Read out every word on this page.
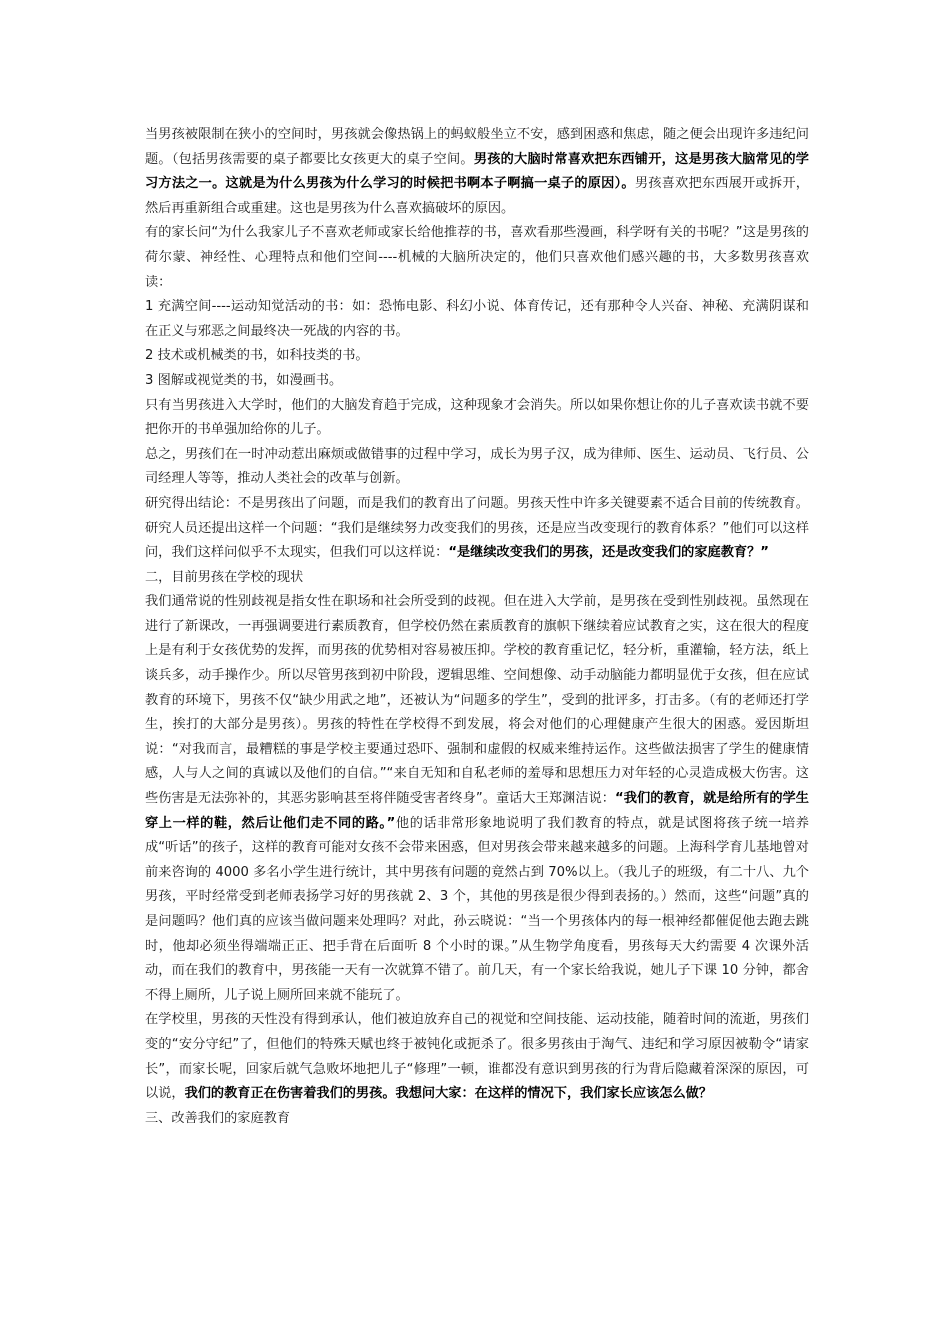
当男孩被限制在狭小的空间时，男孩就会像热锅上的蚂蚁般坐立不安，感到困惑和焦虑，随之便会出现许多违纪问题。（包括男孩需要的桌子都要比女孩更大的桌子空间。男孩的大脑时常喜欢把东西铺开，这是男孩大脑常见的学习方法之一。这就是为什么男孩为什么学习的时候把书啊本子啊搞一桌子的原因）。男孩喜欢把东西展开或拆开，然后再重新组合或重建。这也是男孩为什么喜欢搞破坏的原因。

有的家长问“为什么我家儿子不喜欢老师或家长给他推荐的书，喜欢看那些漫画，科学呀有关的书呢？”这是男孩的荷尔蒙、神经性、心理特点和他们空间----机械的大脑所决定的，他们只喜欢他们感兴趣的书，大多数男孩喜欢读：

1 充满空间----运动知觉活动的书：如：恐怖电影、科幻小说、体育传记，还有那种令人兴奋、神秘、充满阴谋和在正义与邪恶之间最终决一死战的内容的书。

2 技术或机械类的书，如科技类的书。

3 图解或视觉类的书，如漫画书。

只有当男孩进入大学时，他们的大脑发育趋于完成，这种现象才会消失。所以如果你想让你的儿子喜欢读书就不要把你开的书单强加给你的儿子。

总之，男孩们在一时冲动惹出麻烦或做错事的过程中学习，成长为男子汉，成为律师、医生、运动员、飞行员、公司经理人等等，推动人类社会的改革与创新。

研究得出结论：不是男孩出了问题，而是我们的教育出了问题。男孩天性中许多关键要素不适合目前的传统教育。研究人员还提出这样一个问题：“我们是继续努力改变我们的男孩，还是应当改变现行的教育体系？”他们可以这样问，我们这样问似乎不太现实，但我们可以这样说：“是继续改变我们的男孩，还是改变我们的家庭教育？”

二，目前男孩在学校的现状

我们通常说的性别歧视是指女性在职场和社会所受到的歧视。但在进入大学前，是男孩在受到性别歧视。虽然现在进行了新课改，一再强调要进行素质教育，但学校仍然在素质教育的旗帜下继续着应试教育之实，这在很大的程度上是有利于女孩优势的发挥，而男孩的优势相对容易被压抑。学校的教育重记忆，轻分析，重灌输，轻方法，纸上谈兵多，动手操作少。所以尽管男孩到初中阶段，逻辑思维、空间想像、动手动脑能力都明显优于女孩，但在应试教育的环境下，男孩不仅“缺少用武之地”，还被认为“问题多的学生”，受到的批评多，打击多。（有的老师还打学生，挨打的大部分是男孩）。男孩的特性在学校得不到发展，将会对他们的心理健康产生很大的困惑。爱因斯坦说：“对我而言，最糟糕的事是学校主要通过恐吓、强制和虚假的权威来维持运作。这些做法损害了学生的健康情感，人与人之间的真诚以及他们的自信。”“来自无知和自私老师的羞辱和思想压力对年轻的心灵造成极大伤害。这些伤害是无法弥补的，其恶劣影响甚至将伴随受害者终身”。童话大王郑渊洁说：“我们的教育，就是给所有的学生穿上一样的鞋，然后让他们走不同的路。”他的话非常形象地说明了我们教育的特点，就是试图将孩子统一培养成“听话”的孩子，这样的教育可能对女孩不会带来困惑，但对男孩会带来越来越多的问题。上海科学育儿基地曾对前来咨询的 4000 多名小学生进行统计，其中男孩有问题的竟然占到 70%以上。（我儿子的班级，有二十八、九个男孩，平时经常受到老师表扬学习好的男孩就 2、3 个，其他的男孩是很少得到表扬的。）然而，这些“问题”真的是问题吗？他们真的应该当做问题来处理吗？对此，孙云晓说：“当一个男孩体内的每一根神经都催促他去跑去跳时，他却必须坐得端端正正、把手背在后面听 8 个小时的课。”从生物学角度看，男孩每天大约需要 4 次课外活动，而在我们的教育中，男孩能一天有一次就算不错了。前几天，有一个家长给我说，她儿子下课 10 分钟，都舍不得上厕所，儿子说上厕所回来就不能玩了。

在学校里，男孩的天性没有得到承认，他们被迫放弃自己的视觉和空间技能、运动技能，随着时间的流逝，男孩们变的“安分守纪”了，但他们的特殊天赋也终于被钝化或扼杀了。很多男孩由于淘气、违纪和学习原因被勒令“请家长”，而家长呢，回家后就气急败坏地把儿子“修理”一顿，谁都没有意识到男孩的行为背后隐藏着深深的原因，可以说，我们的教育正在伤害着我们的男孩。我想问大家：在这样的情况下，我们家长应该怎么做？

三、改善我们的家庭教育
